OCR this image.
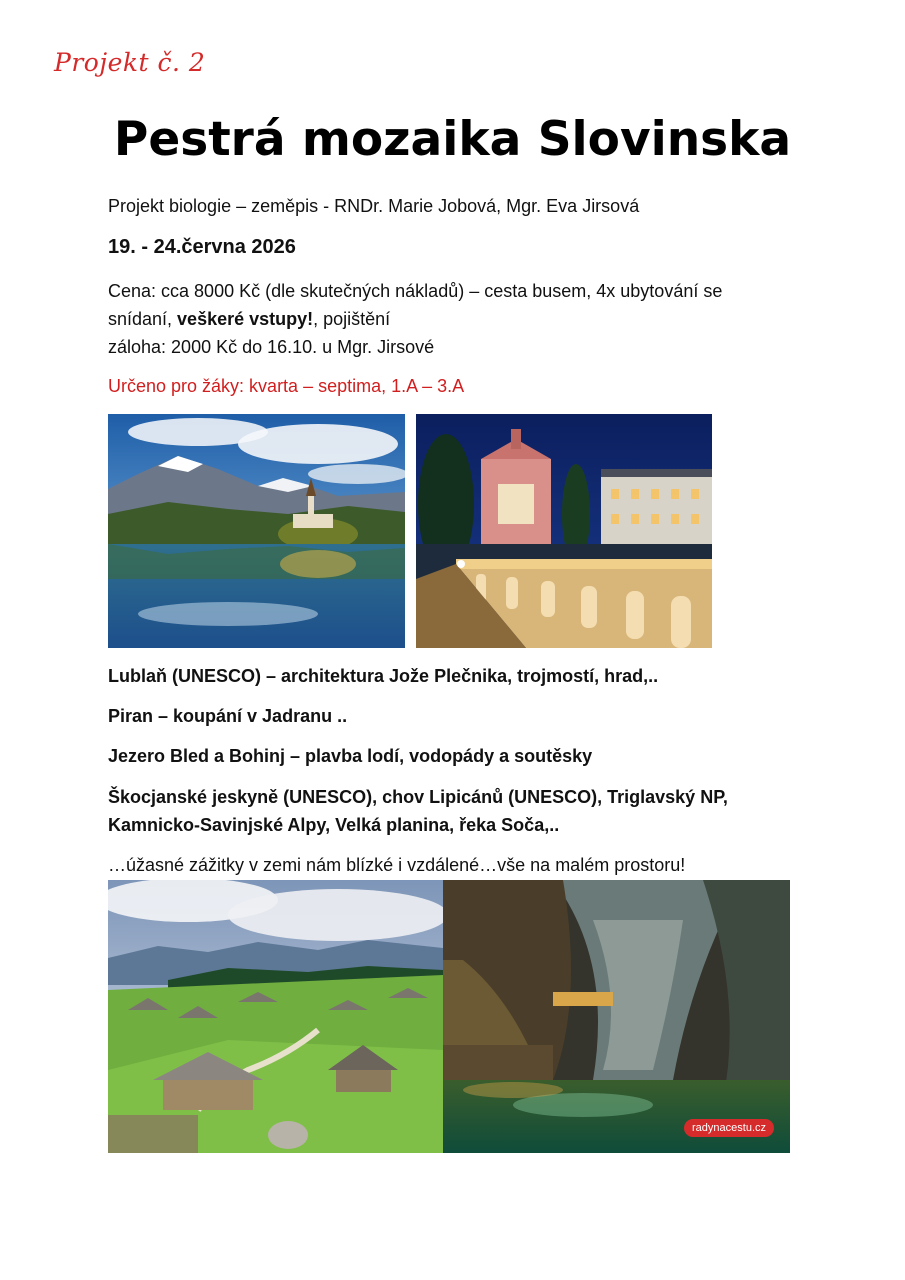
Projekt č. 2
Pestrá mozaika Slovinska
Projekt biologie – zeměpis - RNDr. Marie Jobová, Mgr. Eva Jirsová
19. - 24.června 2026
Cena: cca 8000 Kč (dle skutečných nákladů) – cesta busem, 4x ubytování se
snídaní, veškeré vstupy!, pojištění
záloha: 2000 Kč do 16.10. u Mgr. Jirsové
Určeno pro žáky: kvarta – septima, 1.A – 3.A
Lublaň (UNESCO) – architektura Jože Plečnika, trojmostí, hrad,..
Piran – koupání v Jadranu ..
Jezero Bled a Bohinj – plavba lodí, vodopády a soutěsky
Škocjanské jeskyně (UNESCO), chov Lipicánů (UNESCO), Triglavský NP,
Kamnicko-Savinjské Alpy, Velká planina, řeka Soča,..
…úžasné zážitky v zemi nám blízké i vzdálené…vše na malém prostoru!
radynacestu.cz
